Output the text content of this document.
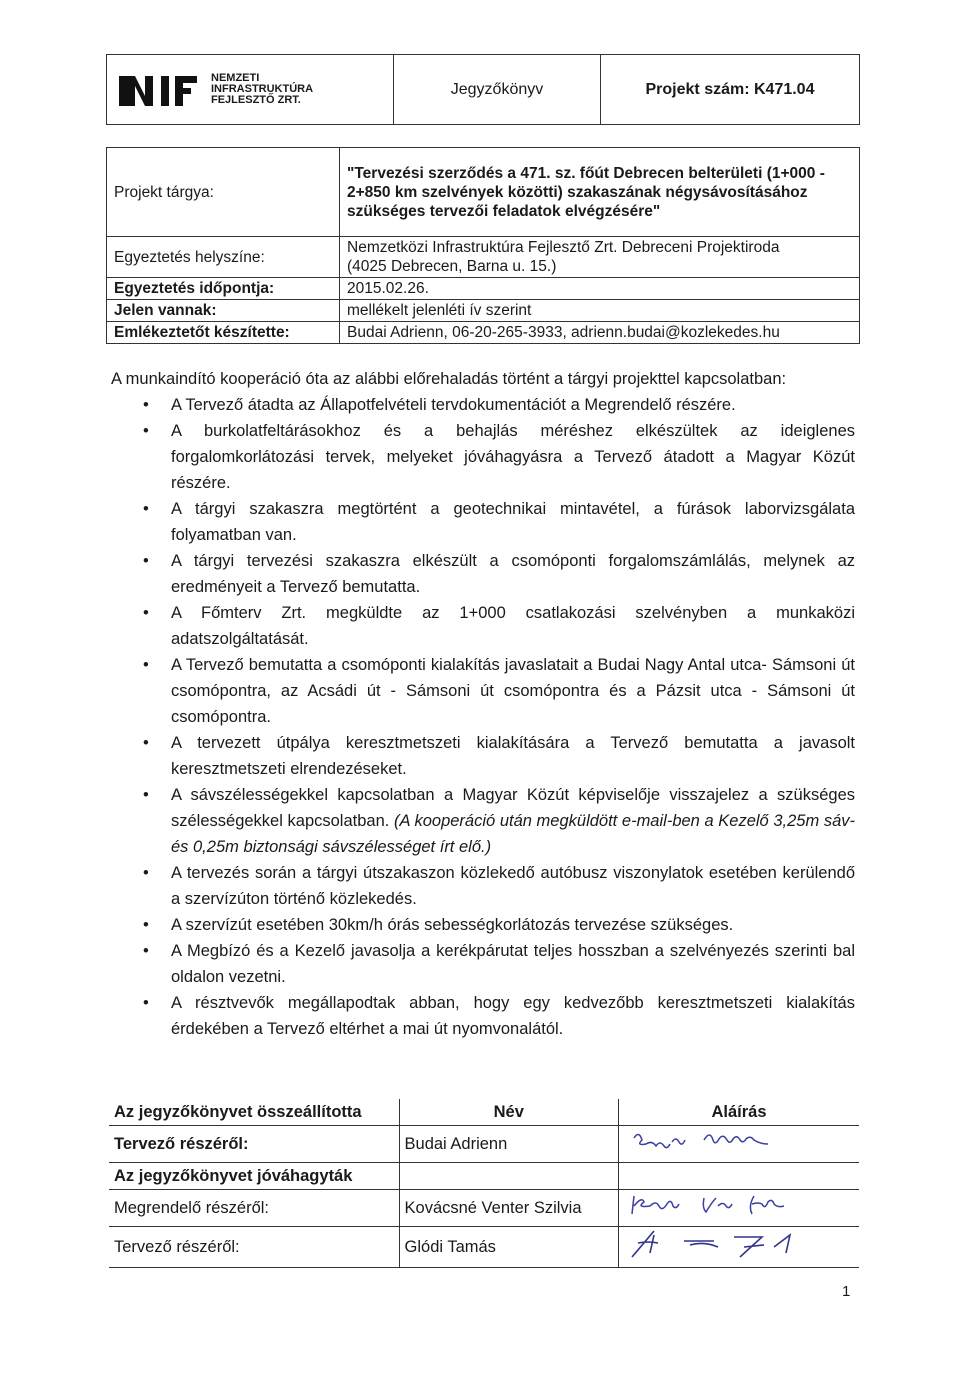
NEMZETI
INFRASTRUKTÚRA
FEJLESZTŐ ZRT.
Jegyzőkönyv	Projekt szám: K471.04
Projekt tárgya:	"Tervezési szerződés a 471. sz. főút Debrecen belterületi (1+000 - 2+850 km szelvények közötti) szakaszának négysávosításához szükséges tervezői feladatok elvégzésére"
Egyeztetés helyszíne:	Nemzetközi Infrastruktúra Fejlesztő Zrt. Debreceni Projektiroda
(4025 Debrecen, Barna u. 15.)

Egyeztetés időpontja:	2015.02.26.
Jelen vannak:	mellékelt jelenléti ív szerint
Emlékeztetőt készítette:	Budai Adrienn, 06-20-265-3933, adrienn.budai@kozlekedes.hu

A munkaindító kooperáció óta az alábbi előrehaladás történt a tárgyi projekttel kapcsolatban:

• A Tervező átadta az Állapotfelvételi tervdokumentációt a Megrendelő részére.
• A burkolatfeltárásokhoz és a behajlás méréshez elkészültek az ideiglenes forgalomkorlátozási tervek, melyeket jóváhagyásra a Tervező átadott a Magyar Közút részére.
• A tárgyi szakaszra megtörtént a geotechnikai mintavétel, a fúrások laborvizsgálata folyamatban van.
• A tárgyi tervezési szakaszra elkészült a csomóponti forgalomszámlálás, melynek az eredményeit a Tervező bemutatta.
• A Főmterv Zrt. megküldte az 1+000 csatlakozási szelvényben a munkaközi adatszolgáltatását.
• A Tervező bemutatta a csomóponti kialakítás javaslatait a Budai Nagy Antal utca- Sámsoni út csomópontra, az Acsádi út - Sámsoni út csomópontra és a Pázsit utca - Sámsoni út csomópontra.
• A tervezett útpálya keresztmetszeti kialakítására a Tervező bemutatta a javasolt keresztmetszeti elrendezéseket.
• A sávszélességekkel kapcsolatban a Magyar Közút képviselője visszajelez a szükséges szélességekkel kapcsolatban. (A kooperáció után megküldött e-mail-ben a Kezelő 3,25m sáv- és 0,25m biztonsági sávszélességet írt elő.)
• A tervezés során a tárgyi útszakaszon közlekedő autóbusz viszonylatok esetében kerülendő a szervízúton történő közlekedés.
• A szervízút esetében 30km/h órás sebességkorlátozás tervezése szükséges.
• A Megbízó és a Kezelő javasolja a kerékpárutat teljes hosszban a szelvényezés szerinti bal oldalon vezetni.
• A résztvevők megállapodtak abban, hogy egy kedvezőbb keresztmetszeti kialakítás érdekében a Tervező eltérhet a mai út nyomvonalától.
Az jegyzőkönyvet összeállította	Név	Aláírás
Tervező részéről:	Budai Adrienn	
Az jegyzőkönyvet jóváhagyták		
Megrendelő részéről:	Kovácsné Venter Szilvia	
Tervező részéről:	Glódi Tamás	
1
